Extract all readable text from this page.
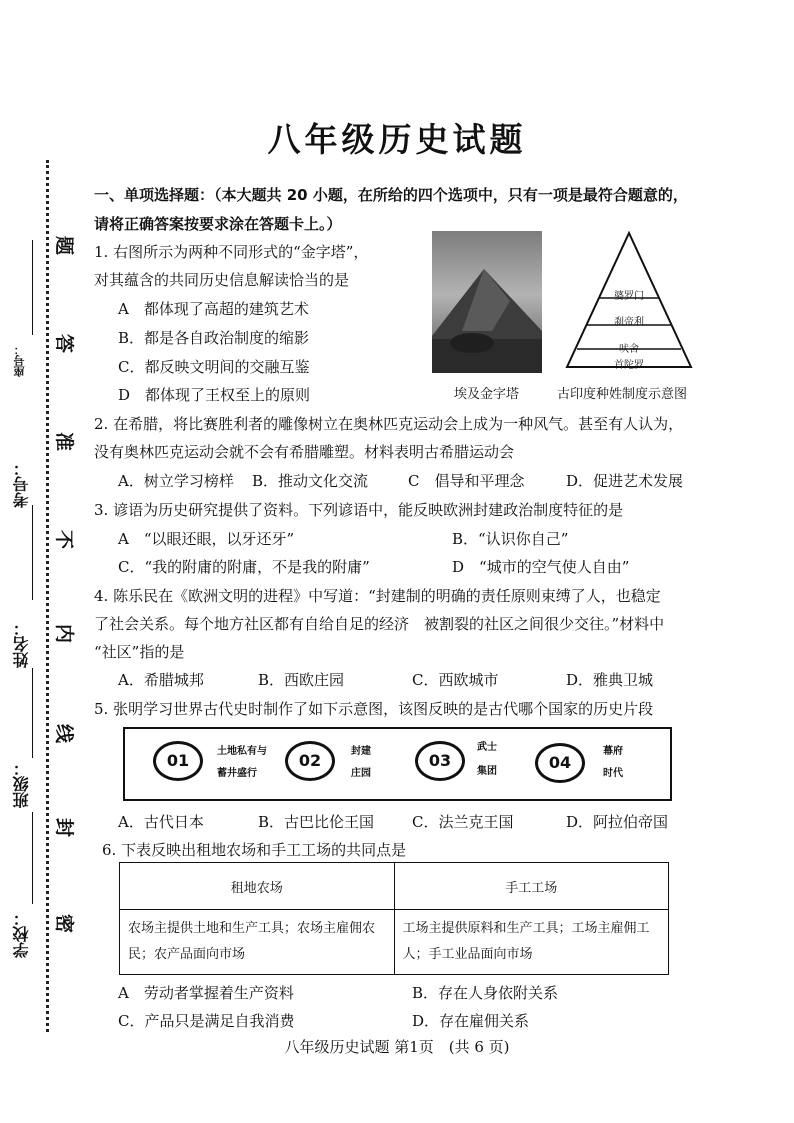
题
答
准
不
内
线
封
密
座号：
考号：
姓名：
班级：
学校：
八年级历史试题
一、单项选择题：（本大题共 20 小题，在所给的四个选项中，只有一项是最符合题意的，
请将正确答案按要求涂在答题卡上。）
1. 右图所示为两种不同形式的“金字塔”，
对其蕴含的共同历史信息解读恰当的是
A　都体现了高超的建筑艺术
B．都是各自政治制度的缩影
C．都反映文明间的交融互鉴
D　都体现了王权至上的原则	埃及金字塔
婆罗门
刹帝利
吠舍
首陀罗
古印度种姓制度示意图
2. 在希腊，将比赛胜利者的雕像树立在奥林匹克运动会上成为一种风气。甚至有人认为，
没有奥林匹克运动会就不会有希腊雕塑。材料表明古希腊运动会
A．树立学习榜样 B．推动文化交流	C　倡导和平理念	D．促进艺术发展
3. 谚语为历史研究提供了资料。下列谚语中，能反映欧洲封建政治制度特征的是
A　“以眼还眼，以牙还牙”	B．“认识你自己”
C．“我的附庸的附庸，不是我的附庸”	D　“城市的空气使人自由”
4. 陈乐民在《欧洲文明的进程》中写道：“封建制的明确的责任原则束缚了人，也稳定
了社会关系。每个地方社区都有自给自足的经济　被割裂的社区之间很少交往。”材料中
“社区”指的是
A．希腊城邦	B．西欧庄园	C．西欧城市	D．雅典卫城
5. 张明学习世界古代史时制作了如下示意图，该图反映的是古代哪个国家的历史片段
01	土地私有与
蓄井盛行
02	封建
庄园
03
武士
集团	04
幕府
时代
A．古代日本	B．古巴比伦王国	C．法兰克王国	D．阿拉伯帝国
6. 下表反映出租地农场和手工工场的共同点是
租地农场	手工工场
农场主提供土地和生产工具；农场主雇佣农民；农产品面向市场	工场主提供原料和生产工具；工场主雇佣工人；手工业品面向市场
A　劳动者掌握着生产资料	B．存在人身依附关系
C．产品只是满足自我消费	D．存在雇佣关系
八年级历史试题 第1页　(共 6 页)
